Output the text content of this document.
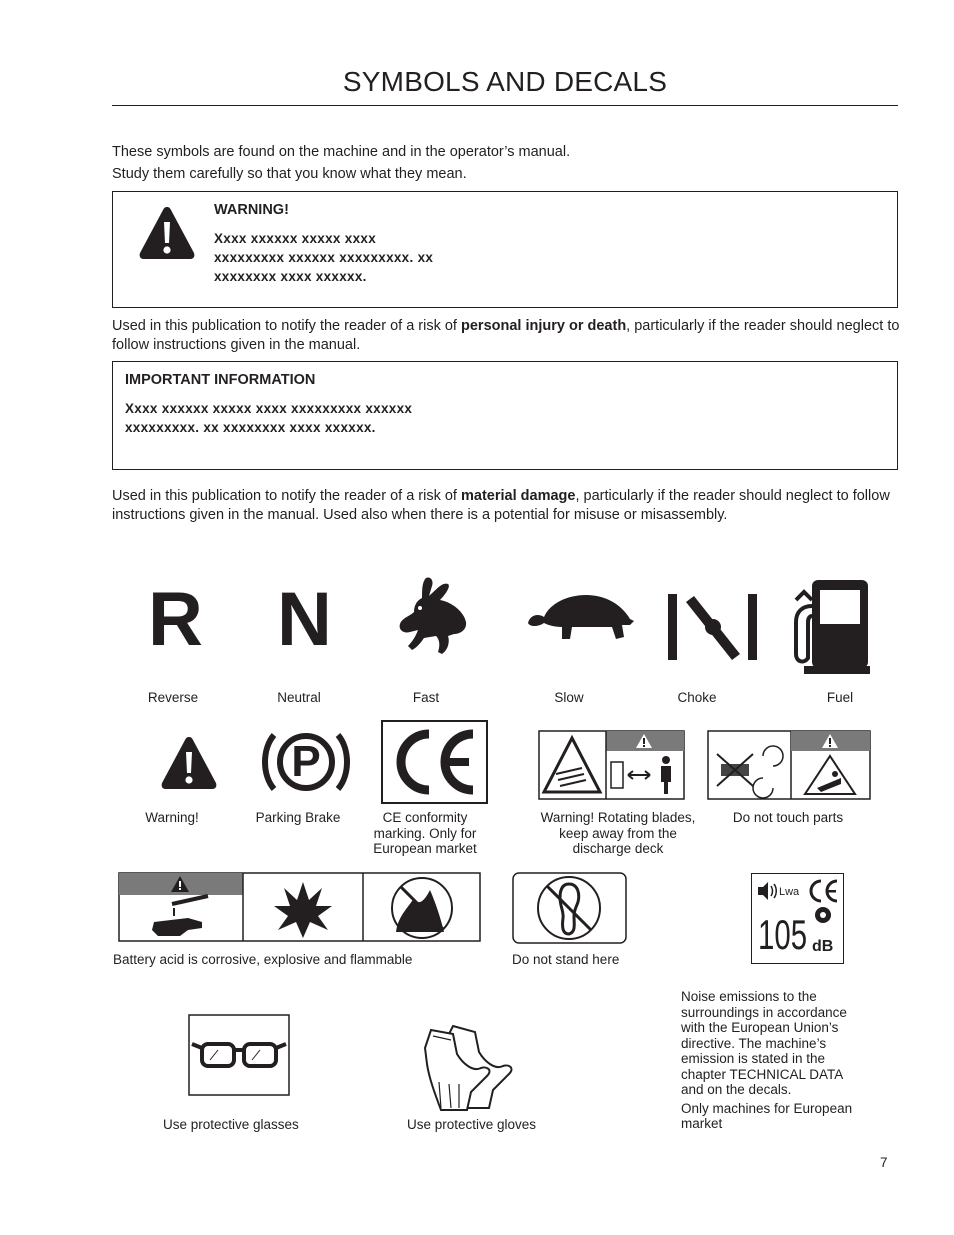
SYMBOLS AND DECALS
These symbols are found on the machine and in the operator’s manual.
Study them carefully so that you know what they mean.
WARNING!
Xxxx xxxxxx xxxxx xxxx
xxxxxxxxx xxxxxx xxxxxxxxx. xx
xxxxxxxx xxxx xxxxxx.
Used in this publication to notify the reader of a risk of personal injury or death, particularly if the reader should neglect to follow instructions given in the manual.
IMPORTANT INFORMATION
Xxxx xxxxxx xxxxx xxxx xxxxxxxxx xxxxxx
xxxxxxxxx. xx xxxxxxxx xxxx xxxxxx.
Used in this publication to notify the reader of a risk of material damage, particularly if the reader should neglect to follow instructions given in the manual. Used also when there is a potential for misuse or misassembly.
R N
Reverse	Neutral	Fast	Slow	Choke	Fuel
P
Warning!	Parking Brake	CE conformity
marking. Only for
European market
Warning! Rotating blades,
keep away from the
discharge deck
Do not touch parts
Lwa
105 dB
Battery acid is corrosive, explosive and flammable	Do not stand here
Use protective glasses	Use protective gloves
Noise emissions to the
surroundings in accordance
with the European Union’s
directive. The machine’s
emission is stated in the
chapter TECHNICAL DATA
and on the decals.
Only machines for European
market
7
